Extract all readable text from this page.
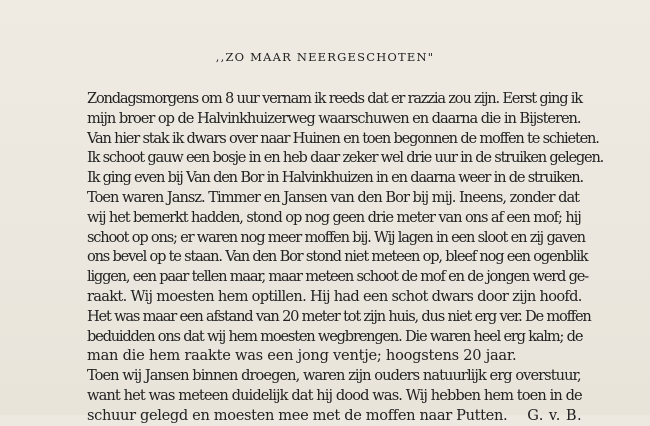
,,ZO MAAR NEERGESCHOTEN"
Zondagsmorgens om 8 uur vernam ik reeds dat er razzia zou zijn. Eerst ging ik
mijn broer op de Halvinkhuizerweg waarschuwen en daarna die in Bijsteren.
Van hier stak ik dwars over naar Huinen en toen begonnen de moffen te schieten.
Ik schoot gauw een bosje in en heb daar zeker wel drie uur in de struiken gelegen.
Ik ging even bij Van den Bor in Halvinkhuizen in en daarna weer in de struiken.
Toen waren Jansz. Timmer en Jansen van den Bor bij mij. Ineens, zonder dat
wij het bemerkt hadden, stond op nog geen drie meter van ons af een mof; hij
schoot op ons; er waren nog meer moffen bij. Wij lagen in een sloot en zij gaven
ons bevel op te staan. Van den Bor stond niet meteen op, bleef nog een ogenblik
liggen, een paar tellen maar, maar meteen schoot de mof en de jongen werd ge-
raakt. Wij moesten hem optillen. Hij had een schot dwars door zijn hoofd.
Het was maar een afstand van 20 meter tot zijn huis, dus niet erg ver. De moffen
beduidden ons dat wij hem moesten wegbrengen. Die waren heel erg kalm; de
man die hem raakte was een jong ventje; hoogstens 20 jaar.
Toen wij Jansen binnen droegen, waren zijn ouders natuurlijk erg overstuur,
want het was meteen duidelijk dat hij dood was. Wij hebben hem toen in de
schuur gelegd en moesten mee met de moffen naar Putten. G. v. B.
